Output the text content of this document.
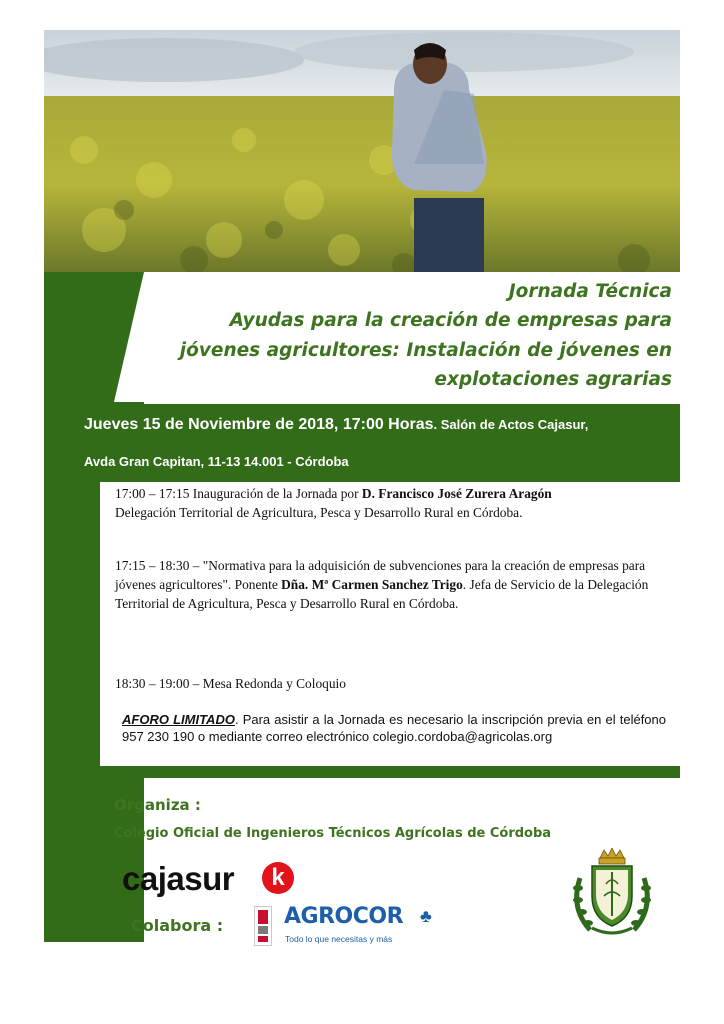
Jornada Técnica
Ayudas para la creación de empresas para
jóvenes agricultores: Instalación de jóvenes en
explotaciones agrarias
Jueves 15 de Noviembre de 2018, 17:00 Horas. Salón de Actos Cajasur,
Avda Gran Capitan, 11-13 14.001 - Córdoba
17:00 – 17:15 Inauguración de la Jornada por D. Francisco José Zurera Aragón
Delegación Territorial de Agricultura, Pesca y Desarrollo Rural en Córdoba.
17:15 – 18:30 – "Normativa para la adquisición de subvenciones para la creación de empresas para jóvenes agricultores". Ponente Dña. Mª Carmen Sanchez Trigo. Jefa de Servicio de la Delegación Territorial de Agricultura, Pesca y Desarrollo Rural en Córdoba.
18:30 – 19:00 – Mesa Redonda y Coloquio
AFORO LIMITADO. Para asistir a la Jornada es necesario la inscripción previa en el teléfono 957 230 190 o mediante correo electrónico colegio.cordoba@agricolas.org
Organiza :
Colegio Oficial de Ingenieros Técnicos Agrícolas de Córdoba
cajasur	k
Colabora :	AGROCOR ♣
Todo lo que necesitas y más
